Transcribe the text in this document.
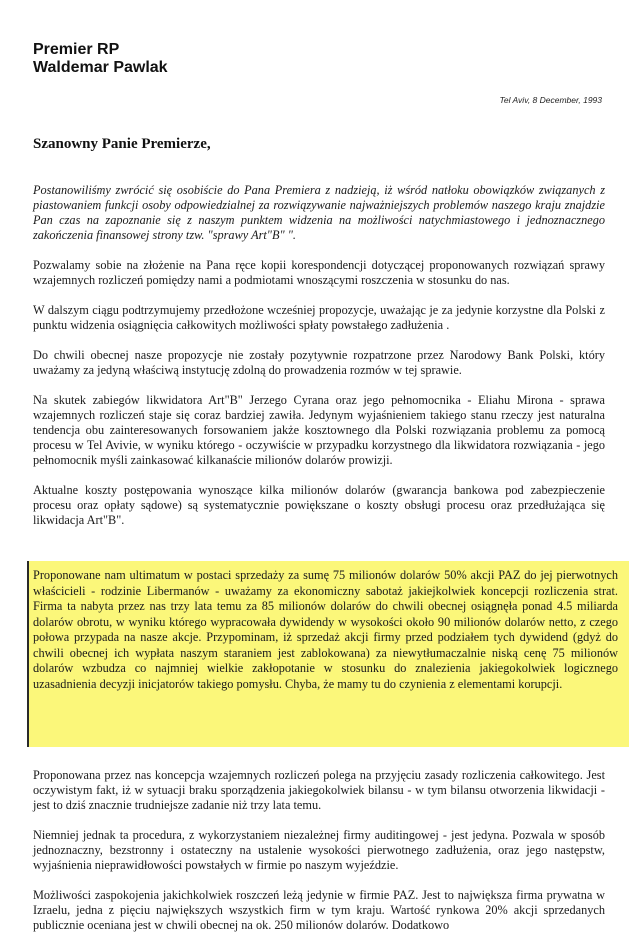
Premier RP
Waldemar Pawlak
Tel Aviv, 8 December, 1993
Szanowny Panie Premierze,

Postanowiliśmy zwrócić się osobiście do Pana Premiera z nadzieją, iż wśród natłoku obowiązków związanych z piastowaniem funkcji osoby odpowiedzialnej za rozwiązywanie najważniejszych problemów naszego kraju znajdzie Pan czas na zapoznanie się z naszym punktem widzenia na możliwości natychmiastowego i jednoznacznego zakończenia finansowej strony tzw. "sprawy Art"B" ".

Pozwalamy sobie na złożenie na Pana ręce kopii korespondencji dotyczącej proponowanych rozwiązań sprawy wzajemnych rozliczeń pomiędzy nami a podmiotami wnoszącymi roszczenia w stosunku do nas.

W dalszym ciągu podtrzymujemy przedłożone wcześniej propozycje, uważając je za jedynie korzystne dla Polski z punktu widzenia osiągnięcia całkowitych możliwości spłaty powstałego zadłużenia .

Do chwili obecnej nasze propozycje nie zostały pozytywnie rozpatrzone przez Narodowy Bank Polski, który uważamy za jedyną właściwą instytucję zdolną do prowadzenia rozmów w tej sprawie.

Na skutek zabiegów likwidatora Art"B" Jerzego Cyrana oraz jego pełnomocnika - Eliahu Mirona - sprawa wzajemnych rozliczeń staje się coraz bardziej zawiła. Jedynym wyjaśnieniem takiego stanu rzeczy jest naturalna tendencja obu zainteresowanych forsowaniem jakże kosztownego dla Polski rozwiązania problemu za pomocą procesu w Tel Avivie, w wyniku którego - oczywiście w przypadku korzystnego dla likwidatora rozwiązania - jego pełnomocnik myśli zainkasować kilkanaście milionów dolarów prowizji.

Aktualne koszty postępowania wynoszące kilka milionów dolarów (gwarancja bankowa pod zabezpieczenie procesu oraz opłaty sądowe) są systematycznie powiększane o koszty obsługi procesu oraz przedłużająca się likwidacja Art"B".

Proponowane nam ultimatum w postaci sprzedaży za sumę 75 milionów dolarów 50% akcji PAZ do jej pierwotnych właścicieli - rodzinie Libermanów - uważamy za ekonomiczny sabotaż jakiejkolwiek koncepcji rozliczenia strat. Firma ta nabyta przez nas trzy lata temu za 85 milionów dolarów do chwili obecnej osiągnęła ponad 4.5 miliarda dolarów obrotu, w wyniku którego wypracowała dywidendy w wysokości około 90 milionów dolarów netto, z czego połowa przypada na nasze akcje. Przypominam, iż sprzedaż akcji firmy przed podziałem tych dywidend (gdyż do chwili obecnej ich wypłata naszym staraniem jest zablokowana) za niewytłumaczalnie niską cenę 75 milionów dolarów wzbudza co najmniej wielkie zakłopotanie w stosunku do znalezienia jakiegokolwiek logicznego uzasadnienia decyzji inicjatorów takiego pomysłu. Chyba, że mamy tu do czynienia z elementami korupcji.

Proponowana przez nas koncepcja wzajemnych rozliczeń polega na przyjęciu zasady rozliczenia całkowitego. Jest oczywistym fakt, iż w sytuacji braku sporządzenia jakiegokolwiek bilansu - w tym bilansu otworzenia likwidacji - jest to dziś znacznie trudniejsze zadanie niż trzy lata temu.

Niemniej jednak ta procedura, z wykorzystaniem niezależnej firmy auditingowej - jest jedyna. Pozwala w sposób jednoznaczny, bezstronny i ostateczny na ustalenie wysokości pierwotnego zadłużenia, oraz jego następstw, wyjaśnienia nieprawidłowości powstałych w firmie po naszym wyjeździe.

Możliwości zaspokojenia jakichkolwiek roszczeń leżą jedynie w firmie PAZ. Jest to największa firma prywatna w Izraelu, jedna z pięciu największych wszystkich firm w tym kraju. Wartość rynkowa 20% akcji sprzedanych publicznie oceniana jest w chwili obecnej na ok. 250 milionów dolarów. Dodatkowo
